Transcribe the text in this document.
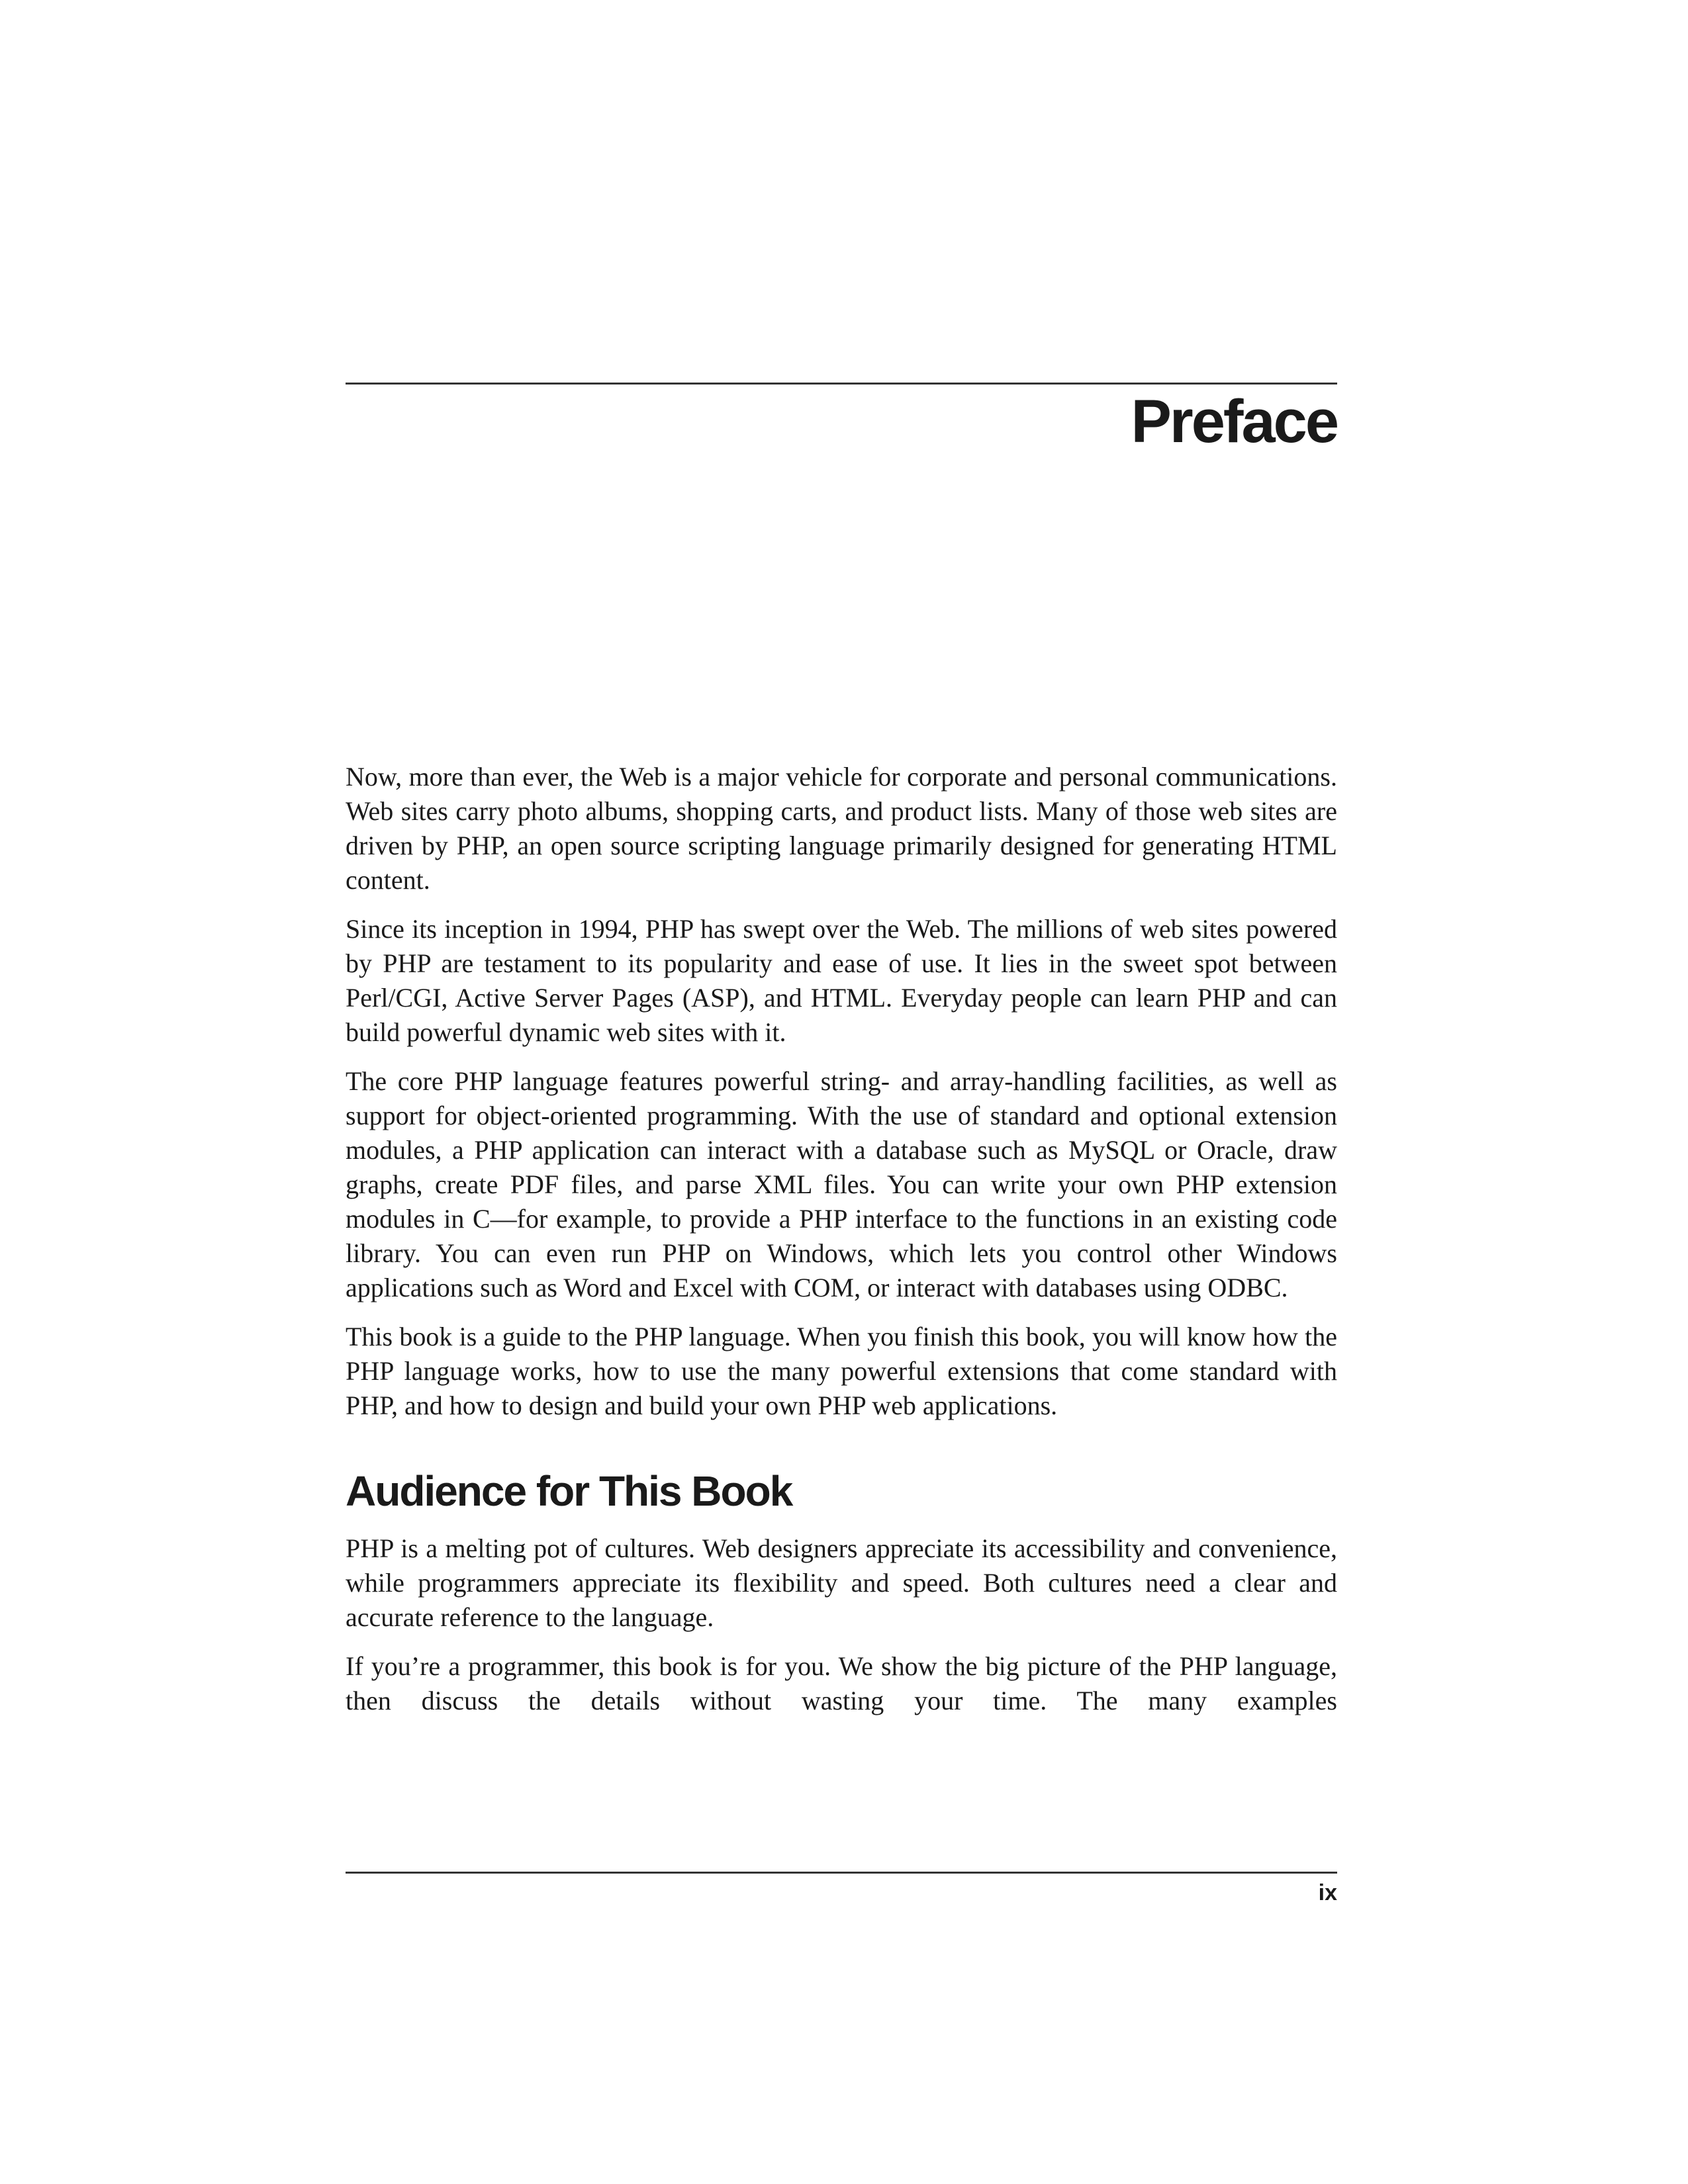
Preface

Now, more than ever, the Web is a major vehicle for corporate and personal communications. Web sites carry photo albums, shopping carts, and product lists. Many of those web sites are driven by PHP, an open source scripting language primarily designed for generating HTML content.

Since its inception in 1994, PHP has swept over the Web. The millions of web sites powered by PHP are testament to its popularity and ease of use. It lies in the sweet spot between Perl/CGI, Active Server Pages (ASP), and HTML. Everyday people can learn PHP and can build powerful dynamic web sites with it.

The core PHP language features powerful string- and array-handling facilities, as well as support for object-oriented programming. With the use of standard and optional extension modules, a PHP application can interact with a database such as MySQL or Oracle, draw graphs, create PDF files, and parse XML files. You can write your own PHP extension modules in C—for example, to provide a PHP interface to the functions in an existing code library. You can even run PHP on Windows, which lets you control other Windows applications such as Word and Excel with COM, or interact with databases using ODBC.

This book is a guide to the PHP language. When you finish this book, you will know how the PHP language works, how to use the many powerful extensions that come standard with PHP, and how to design and build your own PHP web applications.

Audience for This Book

PHP is a melting pot of cultures. Web designers appreciate its accessibility and convenience, while programmers appreciate its flexibility and speed. Both cultures need a clear and accurate reference to the language.

If you’re a programmer, this book is for you. We show the big picture of the PHP language, then discuss the details without wasting your time. The many examples

ix
